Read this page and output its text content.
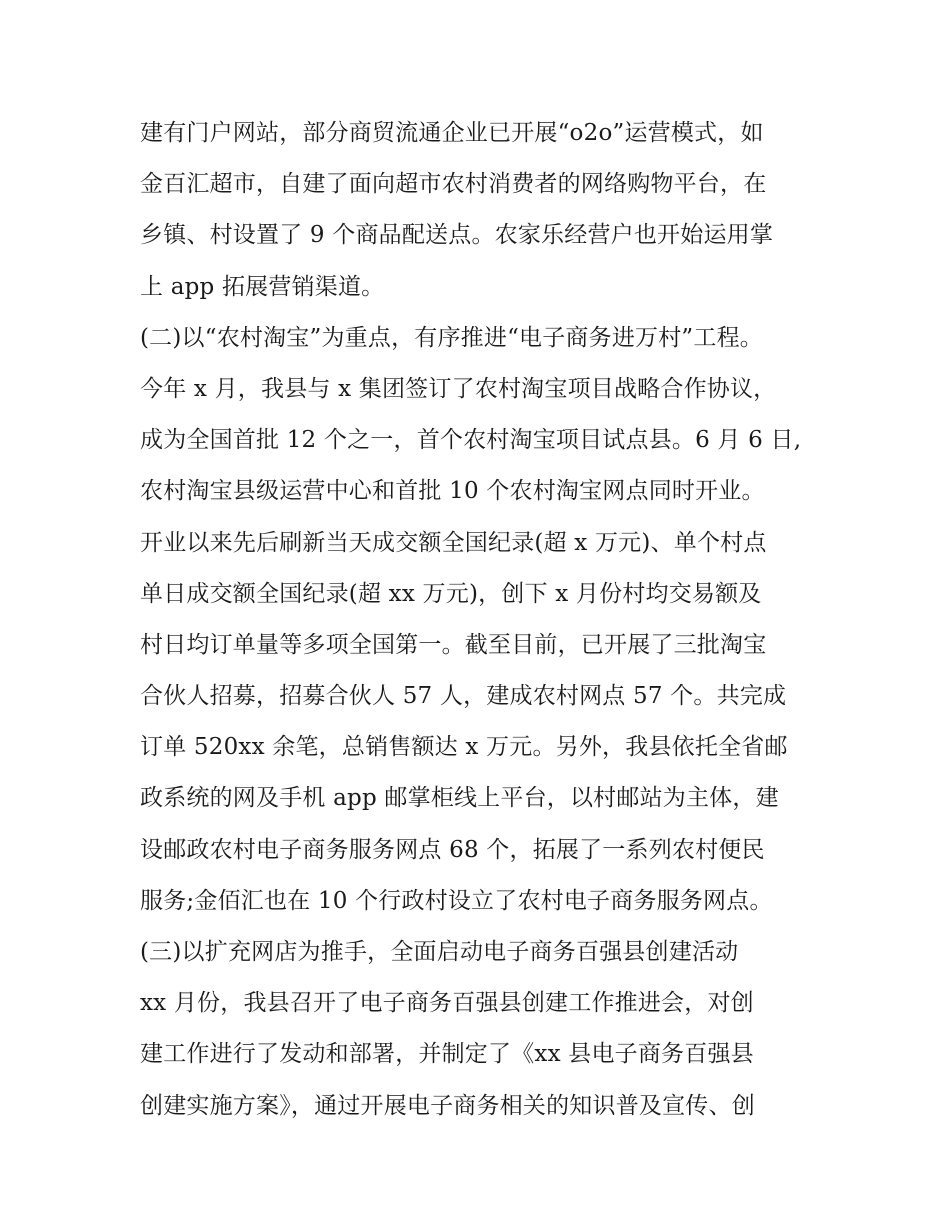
建有门户网站，部分商贸流通企业已开展“o2o”运营模式，如
金百汇超市，自建了面向超市农村消费者的网络购物平台，在
乡镇、村设置了 9 个商品配送点。农家乐经营户也开始运用掌
上 app 拓展营销渠道。
(二)以“农村淘宝”为重点，有序推进“电子商务进万村”工程。
今年 x 月，我县与 x 集团签订了农村淘宝项目战略合作协议，
成为全国首批 12 个之一，首个农村淘宝项目试点县。6 月 6 日,
农村淘宝县级运营中心和首批 10 个农村淘宝网点同时开业。
开业以来先后刷新当天成交额全国纪录(超 x 万元)、单个村点
单日成交额全国纪录(超 xx 万元)，创下 x 月份村均交易额及
村日均订单量等多项全国第一。截至目前，已开展了三批淘宝
合伙人招募，招募合伙人 57 人，建成农村网点 57 个。共完成
订单 520xx 余笔，总销售额达 x 万元。另外，我县依托全省邮
政系统的网及手机 app 邮掌柜线上平台，以村邮站为主体，建
设邮政农村电子商务服务网点 68 个，拓展了一系列农村便民
服务;金佰汇也在 10 个行政村设立了农村电子商务服务网点。
(三)以扩充网店为推手，全面启动电子商务百强县创建活动
xx 月份，我县召开了电子商务百强县创建工作推进会，对创
建工作进行了发动和部署，并制定了《xx 县电子商务百强县
创建实施方案》，通过开展电子商务相关的知识普及宣传、创
